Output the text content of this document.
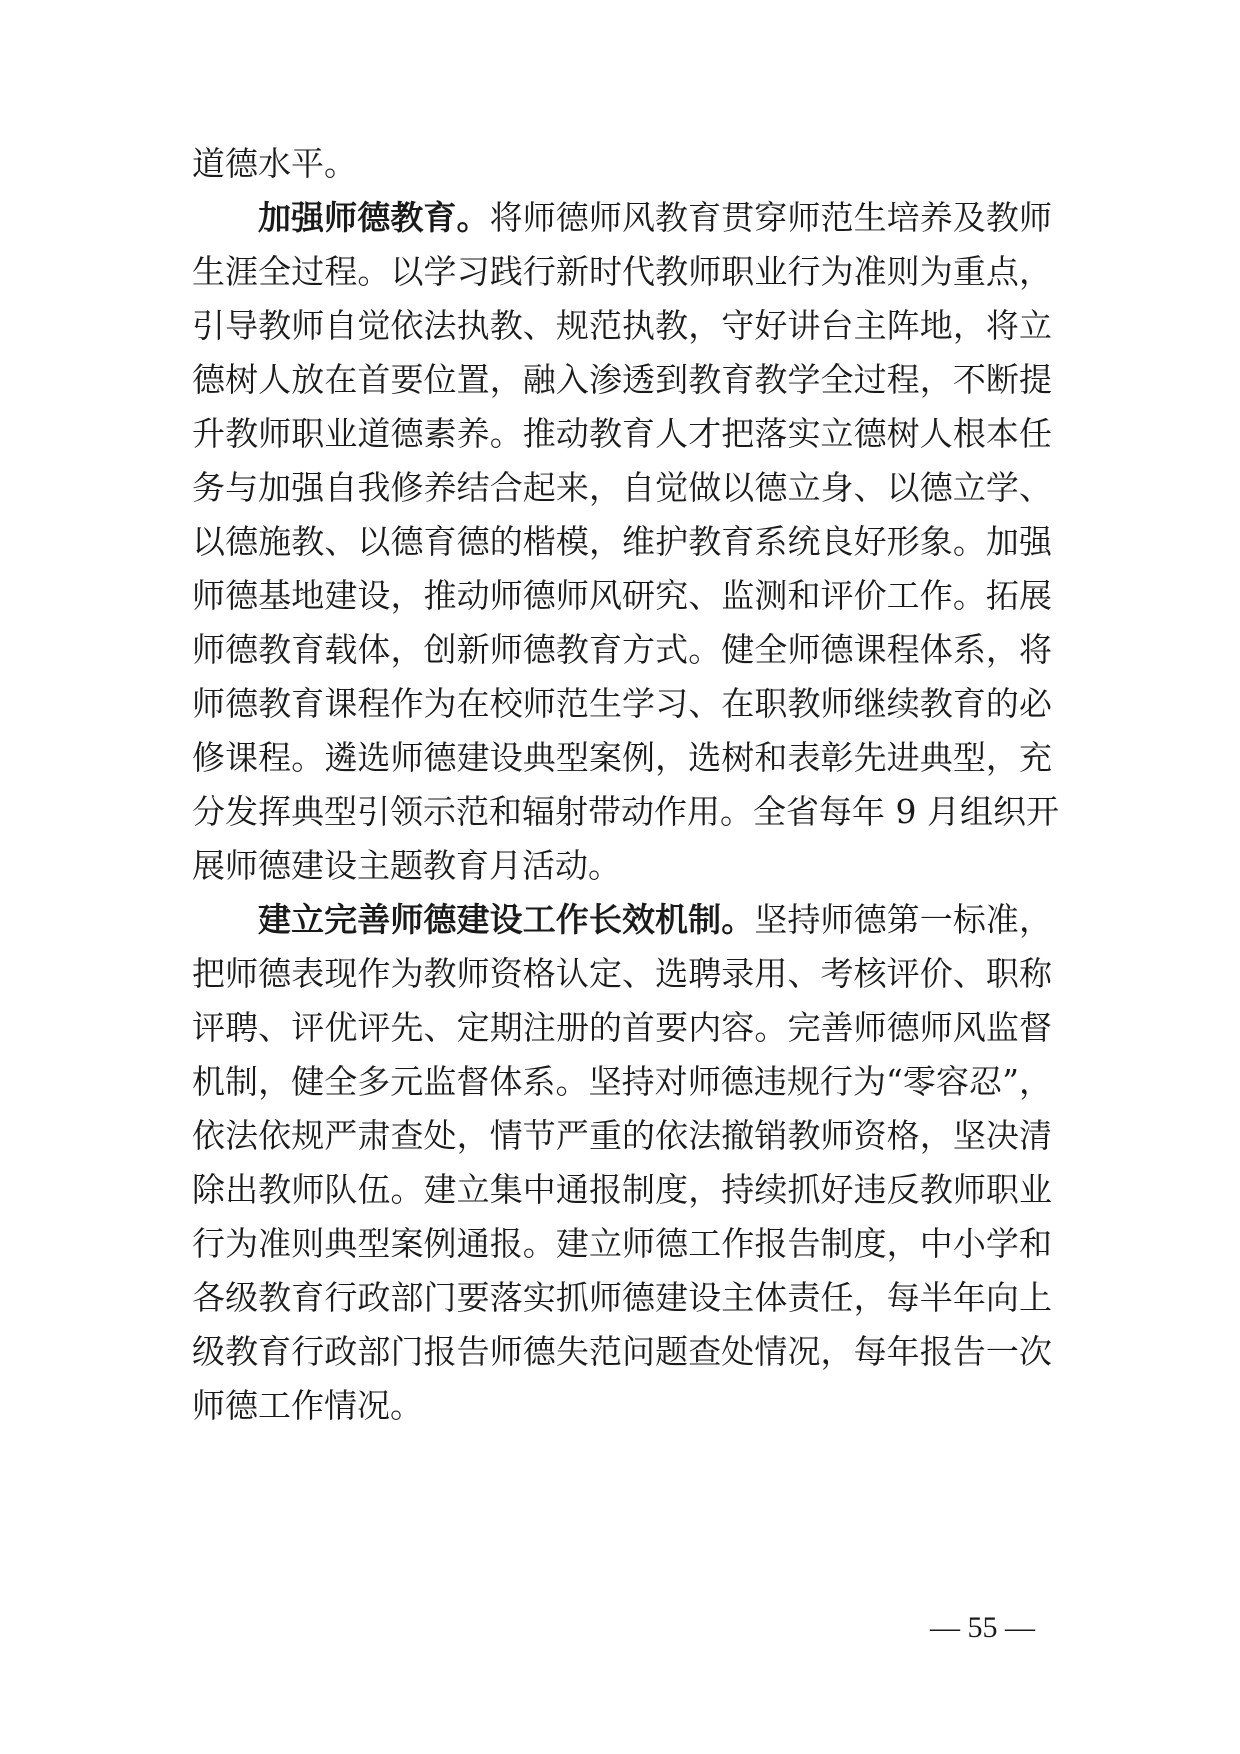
道德水平。
加强师德教育。将师德师风教育贯穿师范生培养及教师
生涯全过程。以学习践行新时代教师职业行为准则为重点，
引导教师自觉依法执教、规范执教，守好讲台主阵地，将立
德树人放在首要位置，融入渗透到教育教学全过程，不断提
升教师职业道德素养。推动教育人才把落实立德树人根本任
务与加强自我修养结合起来，自觉做以德立身、以德立学、
以德施教、以德育德的楷模，维护教育系统良好形象。加强
师德基地建设，推动师德师风研究、监测和评价工作。拓展
师德教育载体，创新师德教育方式。健全师德课程体系，将
师德教育课程作为在校师范生学习、在职教师继续教育的必
修课程。遴选师德建设典型案例，选树和表彰先进典型，充
分发挥典型引领示范和辐射带动作用。全省每年 9 月组织开
展师德建设主题教育月活动。
建立完善师德建设工作长效机制。坚持师德第一标准，
把师德表现作为教师资格认定、选聘录用、考核评价、职称
评聘、评优评先、定期注册的首要内容。完善师德师风监督
机制，健全多元监督体系。坚持对师德违规行为“零容忍”，
依法依规严肃查处，情节严重的依法撤销教师资格，坚决清
除出教师队伍。建立集中通报制度，持续抓好违反教师职业
行为准则典型案例通报。建立师德工作报告制度，中小学和
各级教育行政部门要落实抓师德建设主体责任，每半年向上
级教育行政部门报告师德失范问题查处情况，每年报告一次
师德工作情况。
— 55 —
